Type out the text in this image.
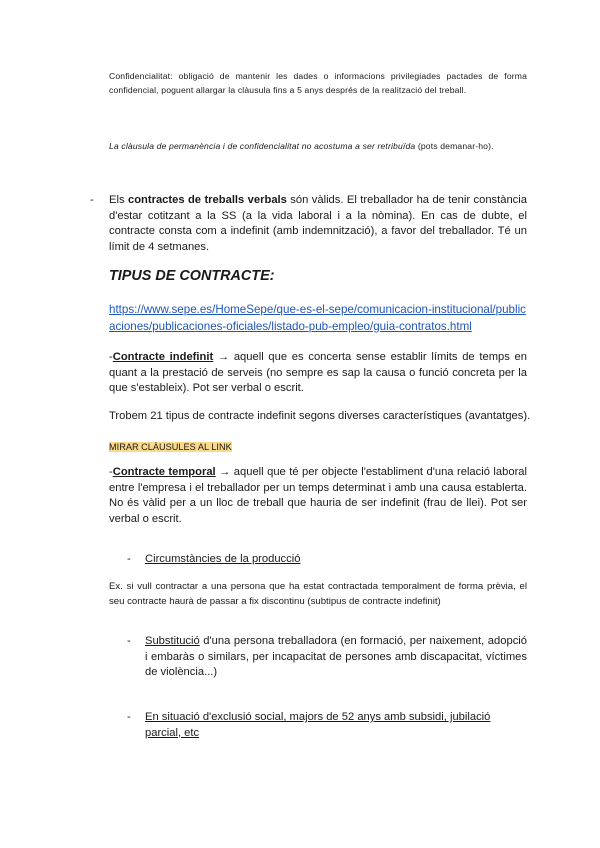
Confidencialitat: obligació de mantenir les dades o informacions privilegiades pactades de forma confidencial, poguent allargar la clàusula fins a 5 anys després de la realització del treball.

La clàusula de permanència i de confidencialitat no acostuma a ser retribuïda (pots demanar-ho).

- Els contractes de treballs verbals són vàlids. El treballador ha de tenir constància d'estar cotitzant a la SS (a la vida laboral i a la nòmina). En cas de dubte, el contracte consta com a indefinit (amb indemnització), a favor del treballador. Té un límit de 4 setmanes.

TIPUS DE CONTRACTE:
https://www.sepe.es/HomeSepe/que-es-el-sepe/comunicacion-institucional/publicaciones/publicaciones-oficiales/listado-pub-empleo/guia-contratos.html

-Contracte indefinit → aquell que es concerta sense establir límits de temps en quant a la prestació de serveis (no sempre es sap la causa o funció concreta per la que s'estableix). Pot ser verbal o escrit.

Trobem 21 tipus de contracte indefinit segons diverses característiques (avantatges).

MIRAR CLÀUSULES AL LINK

-Contracte temporal → aquell que té per objecte l'establiment d'una relació laboral entre l'empresa i el treballador per un temps determinat i amb una causa establerta. No és vàlid per a un lloc de treball que hauria de ser indefinit (frau de llei). Pot ser verbal o escrit.

- Circumstàncies de la producció

Ex. si vull contractar a una persona que ha estat contractada temporalment de forma prèvia, el seu contracte haurà de passar a fix discontinu (subtipus de contracte indefinit)

- Substitució d'una persona treballadora (en formació, per naixement, adopció i embaràs o similars, per incapacitat de persones amb discapacitat, víctimes de violència...)

- En situació d'exclusió social, majors de 52 anys amb subsidi, jubilació parcial, etc
